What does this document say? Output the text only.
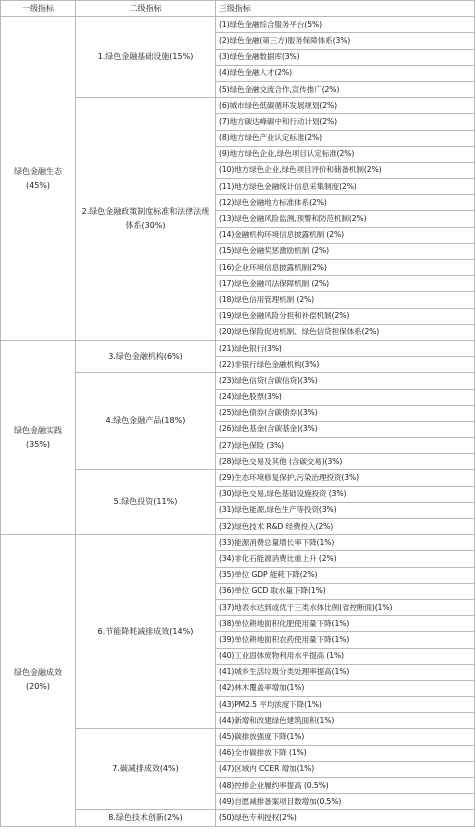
一级指标	二级指标	三级指标

绿色金融生态
(45%)	1.绿色金融基础设施(15%)	(1)绿色金融综合服务平台(5%)
		(2)绿色金融(第三方)服务保障体系(3%)
		(3)绿色金融数据库(3%)
		(4)绿色金融人才(2%)
		(5)绿色金融交流合作,宣传推广(2%)
	2.绿色金融政策制度标准和法律法规体系(30%)	(6)城市绿色低碳循环发展规划(2%)
		(7)地方碳达峰碳中和行动计划(2%)
		(8)地方绿色产业认定标准(2%)
		(9)地方绿色企业,绿色项目认定标准(2%)
		(10)地方绿色企业,绿色项目评价和储备机制(2%)
		(11)地方绿色金融统计信息采集制度(2%)
		(12)绿色金融地方标准体系(2%)
		(13)绿色金融风险监测,预警和防范机制(2%)
		(14)金融机构环境信息披露机制 (2%)
		(15)绿色金融奖惩激励机制 (2%)
		(16)企业环境信息披露机制(2%)
		(17)绿色金融司法保障机制 (2%)
		(18)绿色信用管理机制 (2%)
		(19)绿色金融风险分担和补偿机制(2%)
		(20)绿色保险促进机制、绿色信贷担保体系(2%)

绿色金融实践
(35%)	3.绿色金融机构(6%)	(21)绿色银行(3%)
		(22)非银行绿色金融机构(3%)
	4.绿色金融产品(18%)	(23)绿色信贷(含碳信贷)(3%)
		(24)绿色股票(3%)
		(25)绿色债券(含碳债券)(3%)
		(26)绿色基金(含碳基金)(3%)
		(27)绿色保险 (3%)
		(28)绿色交易及其他 (含碳交易)(3%)
	5.绿色投资(11%)	(29)生态环境修复保护,污染治理投资(3%)
		(30)绿色交易,绿色基础设施投资 (3%)
		(31)绿色能源,绿色生产等投资(3%)
		(32)绿色技术 R&D 经费投入(2%)

绿色金融成效
(20%)	6.节能降耗减排成效(14%)	(33)能源消费总量增长率下降(1%)
		(34)非化石能源消费比重上升 (2%)
		(35)单位 GDP 能耗下降(2%)
		(36)单位 GCD 取水量下降(1%)
		(37)地表水达到或优于三类水体比例(省控断面)(1%)
		(38)单位耕地面积化肥使用量下降(1%)
		(39)单位耕地面积农药使用量下降(1%)
		(40)工业固体废物利用水平提高 (1%)
		(41)城乡生活垃圾分类处理率提高(1%)
		(42)林木覆盖率增加(1%)
		(43)PM2.5 平均浓度下降(1%)
		(44)新增和改建绿色建筑面积(1%)
	7.碳减排成效(4%)	(45)碳排放强度下降(1%)
		(46)全市碳排放下降 (1%)
		(47)区域内 CCER 增加(1%)
		(48)控排企业履约率提高 (0.5%)
		(49)自愿减排备案项目数增加(0.5%)
	8.绿色技术创新(2%)	(50)绿色专利授权(2%)
